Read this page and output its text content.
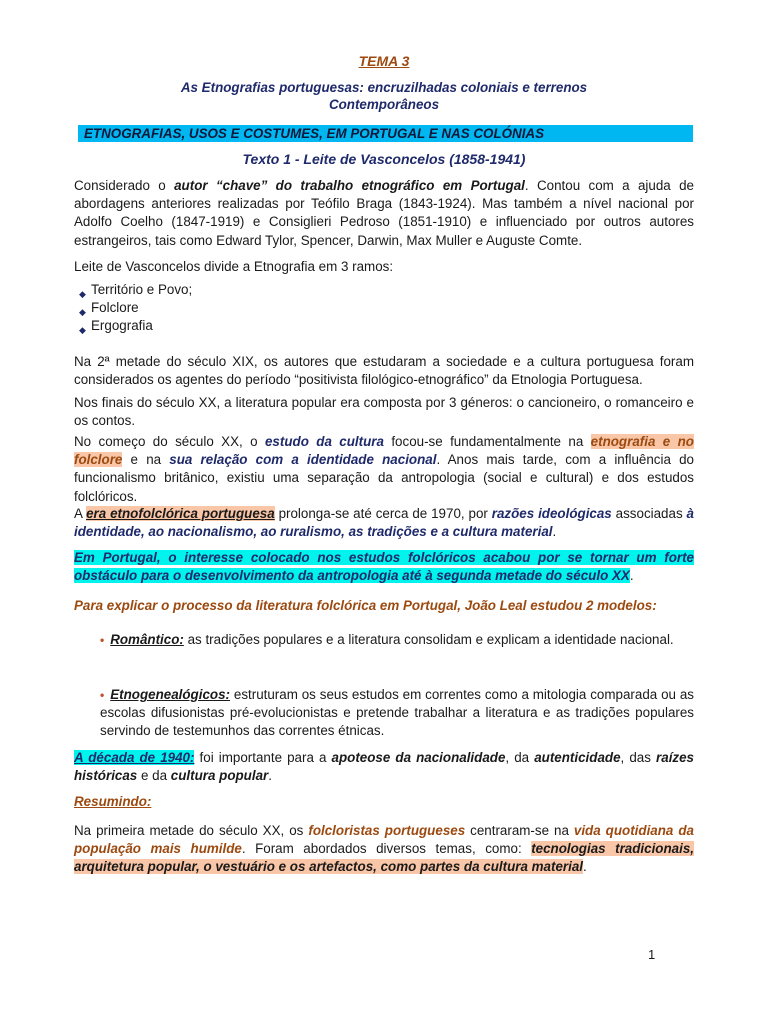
TEMA 3
As Etnografias portuguesas: encruzilhadas coloniais e terrenos
Contemporâneos
ETNOGRAFIAS, USOS E COSTUMES, EM PORTUGAL E NAS COLÓNIAS
Texto 1 - Leite de Vasconcelos (1858-1941)
Considerado o autor “chave” do trabalho etnográfico em Portugal. Contou com a ajuda de abordagens anteriores realizadas por Teófilo Braga (1843-1924). Mas também a nível nacional por Adolfo Coelho (1847-1919) e Consiglieri Pedroso (1851-1910) e influenciado por outros autores estrangeiros, tais como Edward Tylor, Spencer, Darwin, Max Muller e Auguste Comte.
Leite de Vasconcelos divide a Etnografia em 3 ramos:
◆ Território e Povo;
◆ Folclore
◆ Ergografia
Na 2ª metade do século XIX, os autores que estudaram a sociedade e a cultura portuguesa foram considerados os agentes do período “positivista filológico-etnográfico” da Etnologia Portuguesa.
Nos finais do século XX, a literatura popular era composta por 3 géneros: o cancioneiro, o romanceiro e os contos.
No começo do século XX, o estudo da cultura focou-se fundamentalmente na etnografia e no folclore e na sua relação com a identidade nacional. Anos mais tarde, com a influência do funcionalismo britânico, existiu uma separação da antropologia (social e cultural) e dos estudos folclóricos.
A era etnofolclórica portuguesa prolonga-se até cerca de 1970, por razões ideológicas associadas à identidade, ao nacionalismo, ao ruralismo, as tradições e a cultura material.
Em Portugal, o interesse colocado nos estudos folclóricos acabou por se tornar um forte obstáculo para o desenvolvimento da antropologia até à segunda metade do século XX.
Para explicar o processo da literatura folclórica em Portugal, João Leal estudou 2 modelos:
• Romântico: as tradições populares e a literatura consolidam e explicam a identidade nacional.
• Etnogenealógicos: estruturam os seus estudos em correntes como a mitologia comparada ou as escolas difusionistas pré-evolucionistas e pretende trabalhar a literatura e as tradições populares servindo de testemunhos das correntes étnicas.
A década de 1940: foi importante para a apoteose da nacionalidade, da autenticidade, das raízes históricas e da cultura popular.
Resumindo:
Na primeira metade do século XX, os folcloristas portugueses centraram-se na vida quotidiana da população mais humilde. Foram abordados diversos temas, como: tecnologias tradicionais, arquitetura popular, o vestuário e os artefactos, como partes da cultura material.
1
